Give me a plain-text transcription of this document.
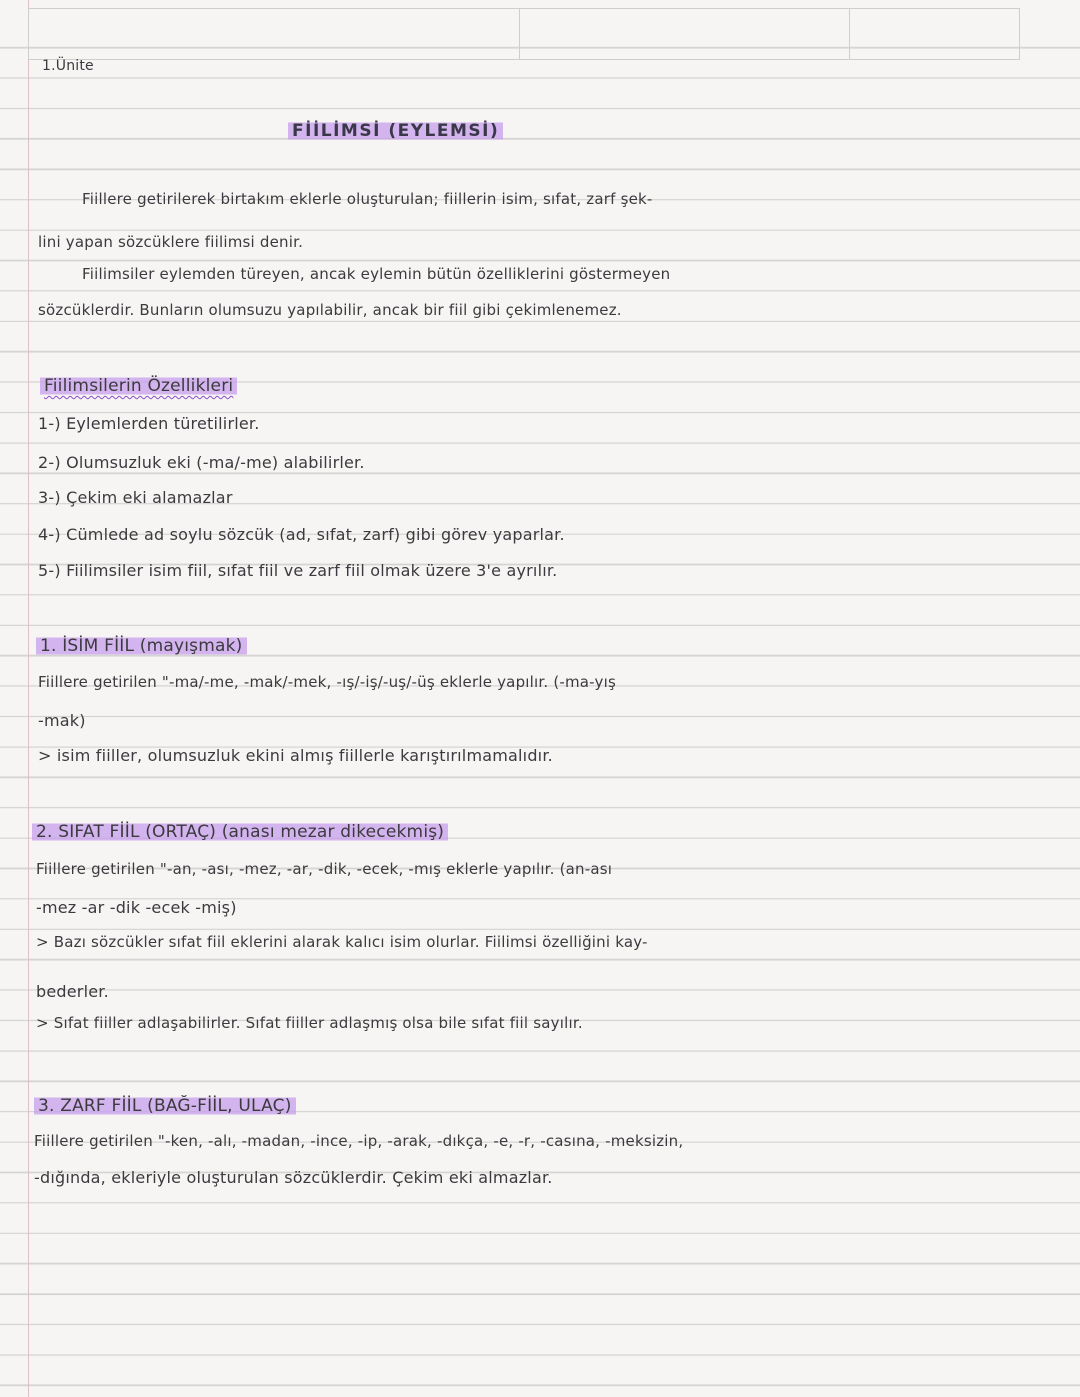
1.Ünite
FİİLİMSİ (EYLEMSİ)
Fiillere getirilerek birtakım eklerle oluşturulan; fiillerin isim, sıfat, zarf şek-
lini yapan sözcüklere fiilimsi denir.
Fiilimsiler eylemden türeyen, ancak eylemin bütün özelliklerini göstermeyen
sözcüklerdir. Bunların olumsuzu yapılabilir, ancak bir fiil gibi çekimlenemez.
Fiilimsilerin Özellikleri
1-) Eylemlerden türetilirler.
2-) Olumsuzluk eki (-ma/-me) alabilirler.
3-) Çekim eki alamazlar
4-) Cümlede ad soylu sözcük (ad, sıfat, zarf) gibi görev yaparlar.
5-) Fiilimsiler isim fiil, sıfat fiil ve zarf fiil olmak üzere 3'e ayrılır.
1. İSİM FİİL (mayışmak)
Fiillere getirilen "-ma/-me, -mak/-mek, -ış/-iş/-uş/-üş eklerle yapılır. (-ma-yış
-mak)
> isim fiiller, olumsuzluk ekini almış fiillerle karıştırılmamalıdır.
2. SIFAT FİİL (ORTAÇ) (anası mezar dikecekmiş)
Fiillere getirilen "-an, -ası, -mez, -ar, -dik, -ecek, -mış eklerle yapılır. (an-ası
-mez -ar -dik -ecek -miş)
> Bazı sözcükler sıfat fiil eklerini alarak kalıcı isim olurlar. Fiilimsi özelliğini kay-
bederler.
> Sıfat fiiller adlaşabilirler. Sıfat fiiller adlaşmış olsa bile sıfat fiil sayılır.
3. ZARF FİİL (BAĞ-FİİL, ULAÇ)
Fiillere getirilen "-ken, -alı, -madan, -ince, -ip, -arak, -dıkça, -e, -r, -casına, -meksizin,
-dığında, ekleriyle oluşturulan sözcüklerdir. Çekim eki almazlar.
